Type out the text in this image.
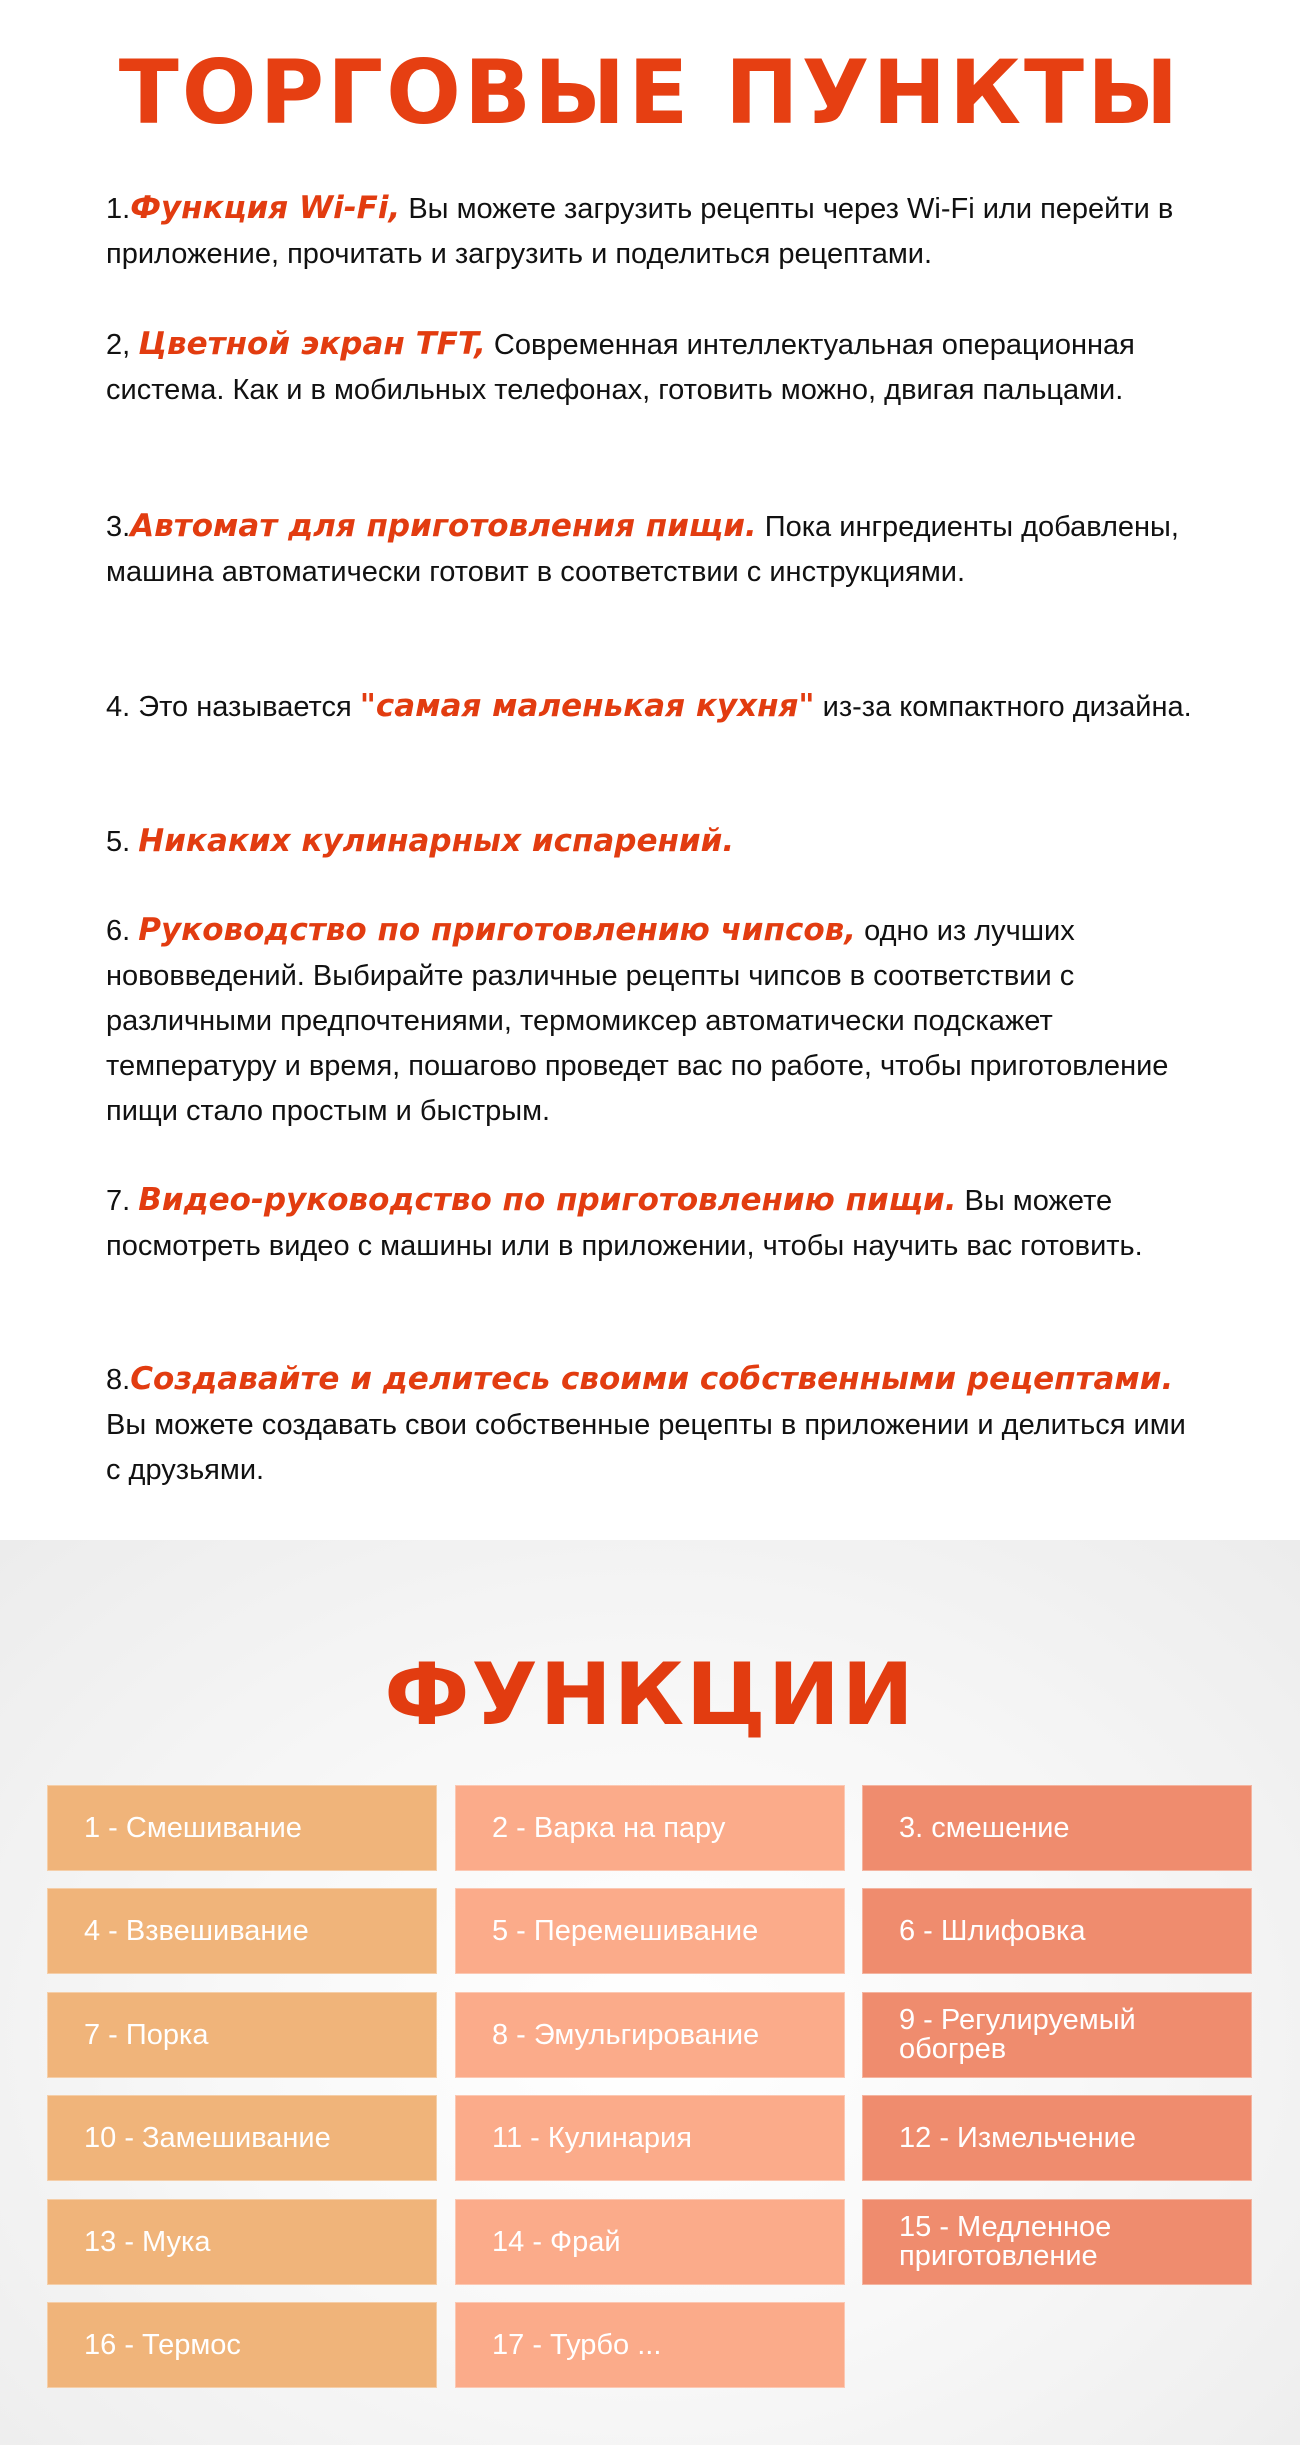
ТОРГОВЫЕ ПУНКТЫ

1.Функция Wi-Fi, Вы можете загрузить рецепты через Wi-Fi или перейти в приложение, прочитать и загрузить и поделиться рецептами.

2, Цветной экран TFT, Современная интеллектуальная операционная система. Как и в мобильных телефонах, готовить можно, двигая пальцами.

3.Автомат для приготовления пищи. Пока ингредиенты добавлены, машина автоматически готовит в соответствии с инструкциями.

4. Это называется "самая маленькая кухня" из-за компактного дизайна.

5. Никаких кулинарных испарений.

6. Руководство по приготовлению чипсов, одно из лучших нововведений. Выбирайте различные рецепты чипсов в соответствии с различными предпочтениями, термомиксер автоматически подскажет температуру и время, пошагово проведет вас по работе, чтобы приготовление пищи стало простым и быстрым.

7. Видео-руководство по приготовлению пищи. Вы можете посмотреть видео с машины или в приложении, чтобы научить вас готовить.

8.Создавайте и делитесь своими собственными рецептами. Вы можете создавать свои собственные рецепты в приложении и делиться ими с друзьями.

ФУНКЦИИ
1 - Смешивание	2 - Варка на пару	3. смешение
4 - Взвешивание	5 - Перемешивание	6 - Шлифовка
7 - Порка	8 - Эмульгирование	9 - Регулируемый
обогрев
10 - Замешивание	11 - Кулинария	12 - Измельчение
13 - Мука	14 - Фрай	15 - Медленное
приготовление
16 - Термос	17 - Турбо ...
